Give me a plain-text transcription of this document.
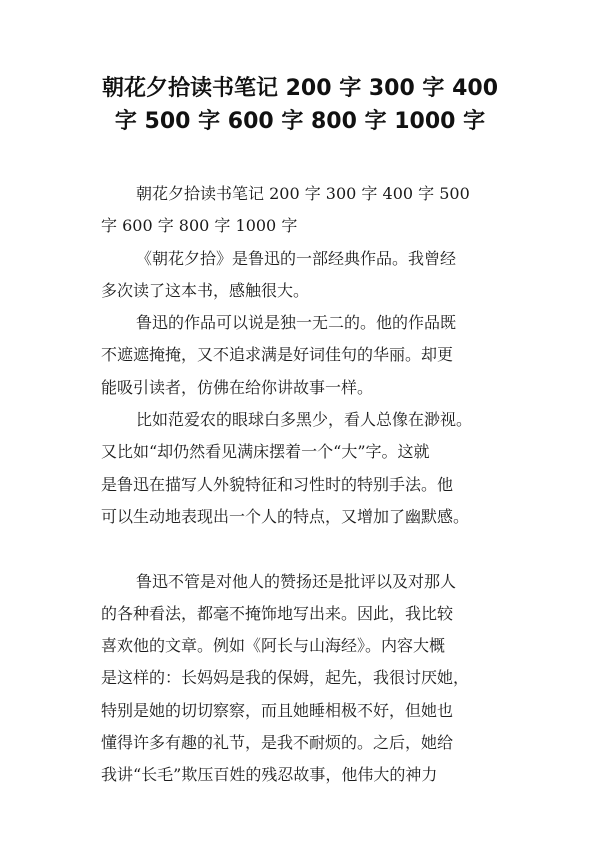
朝花夕拾读书笔记 200 字 300 字 400
字 500 字 600 字 800 字 1000 字
朝花夕拾读书笔记 200 字 300 字 400 字 500
字 600 字 800 字 1000 字
《朝花夕拾》是鲁迅的一部经典作品。我曾经
多次读了这本书，感触很大。
鲁迅的作品可以说是独一无二的。他的作品既
不遮遮掩掩，又不追求满是好词佳句的华丽。却更
能吸引读者，仿佛在给你讲故事一样。
比如范爱农的眼球白多黑少，看人总像在渺视。
又比如“却仍然看见满床摆着一个“大”字。这就
是鲁迅在描写人外貌特征和习性时的特别手法。他
可以生动地表现出一个人的特点，又增加了幽默感。
鲁迅不管是对他人的赞扬还是批评以及对那人
的各种看法，都毫不掩饰地写出来。因此，我比较
喜欢他的文章。例如《阿长与山海经》。内容大概
是这样的：长妈妈是我的保姆，起先，我很讨厌她，
特别是她的切切察察，而且她睡相极不好，但她也
懂得许多有趣的礼节，是我不耐烦的。之后，她给
我讲“长毛”欺压百姓的残忍故事，他伟大的神力
